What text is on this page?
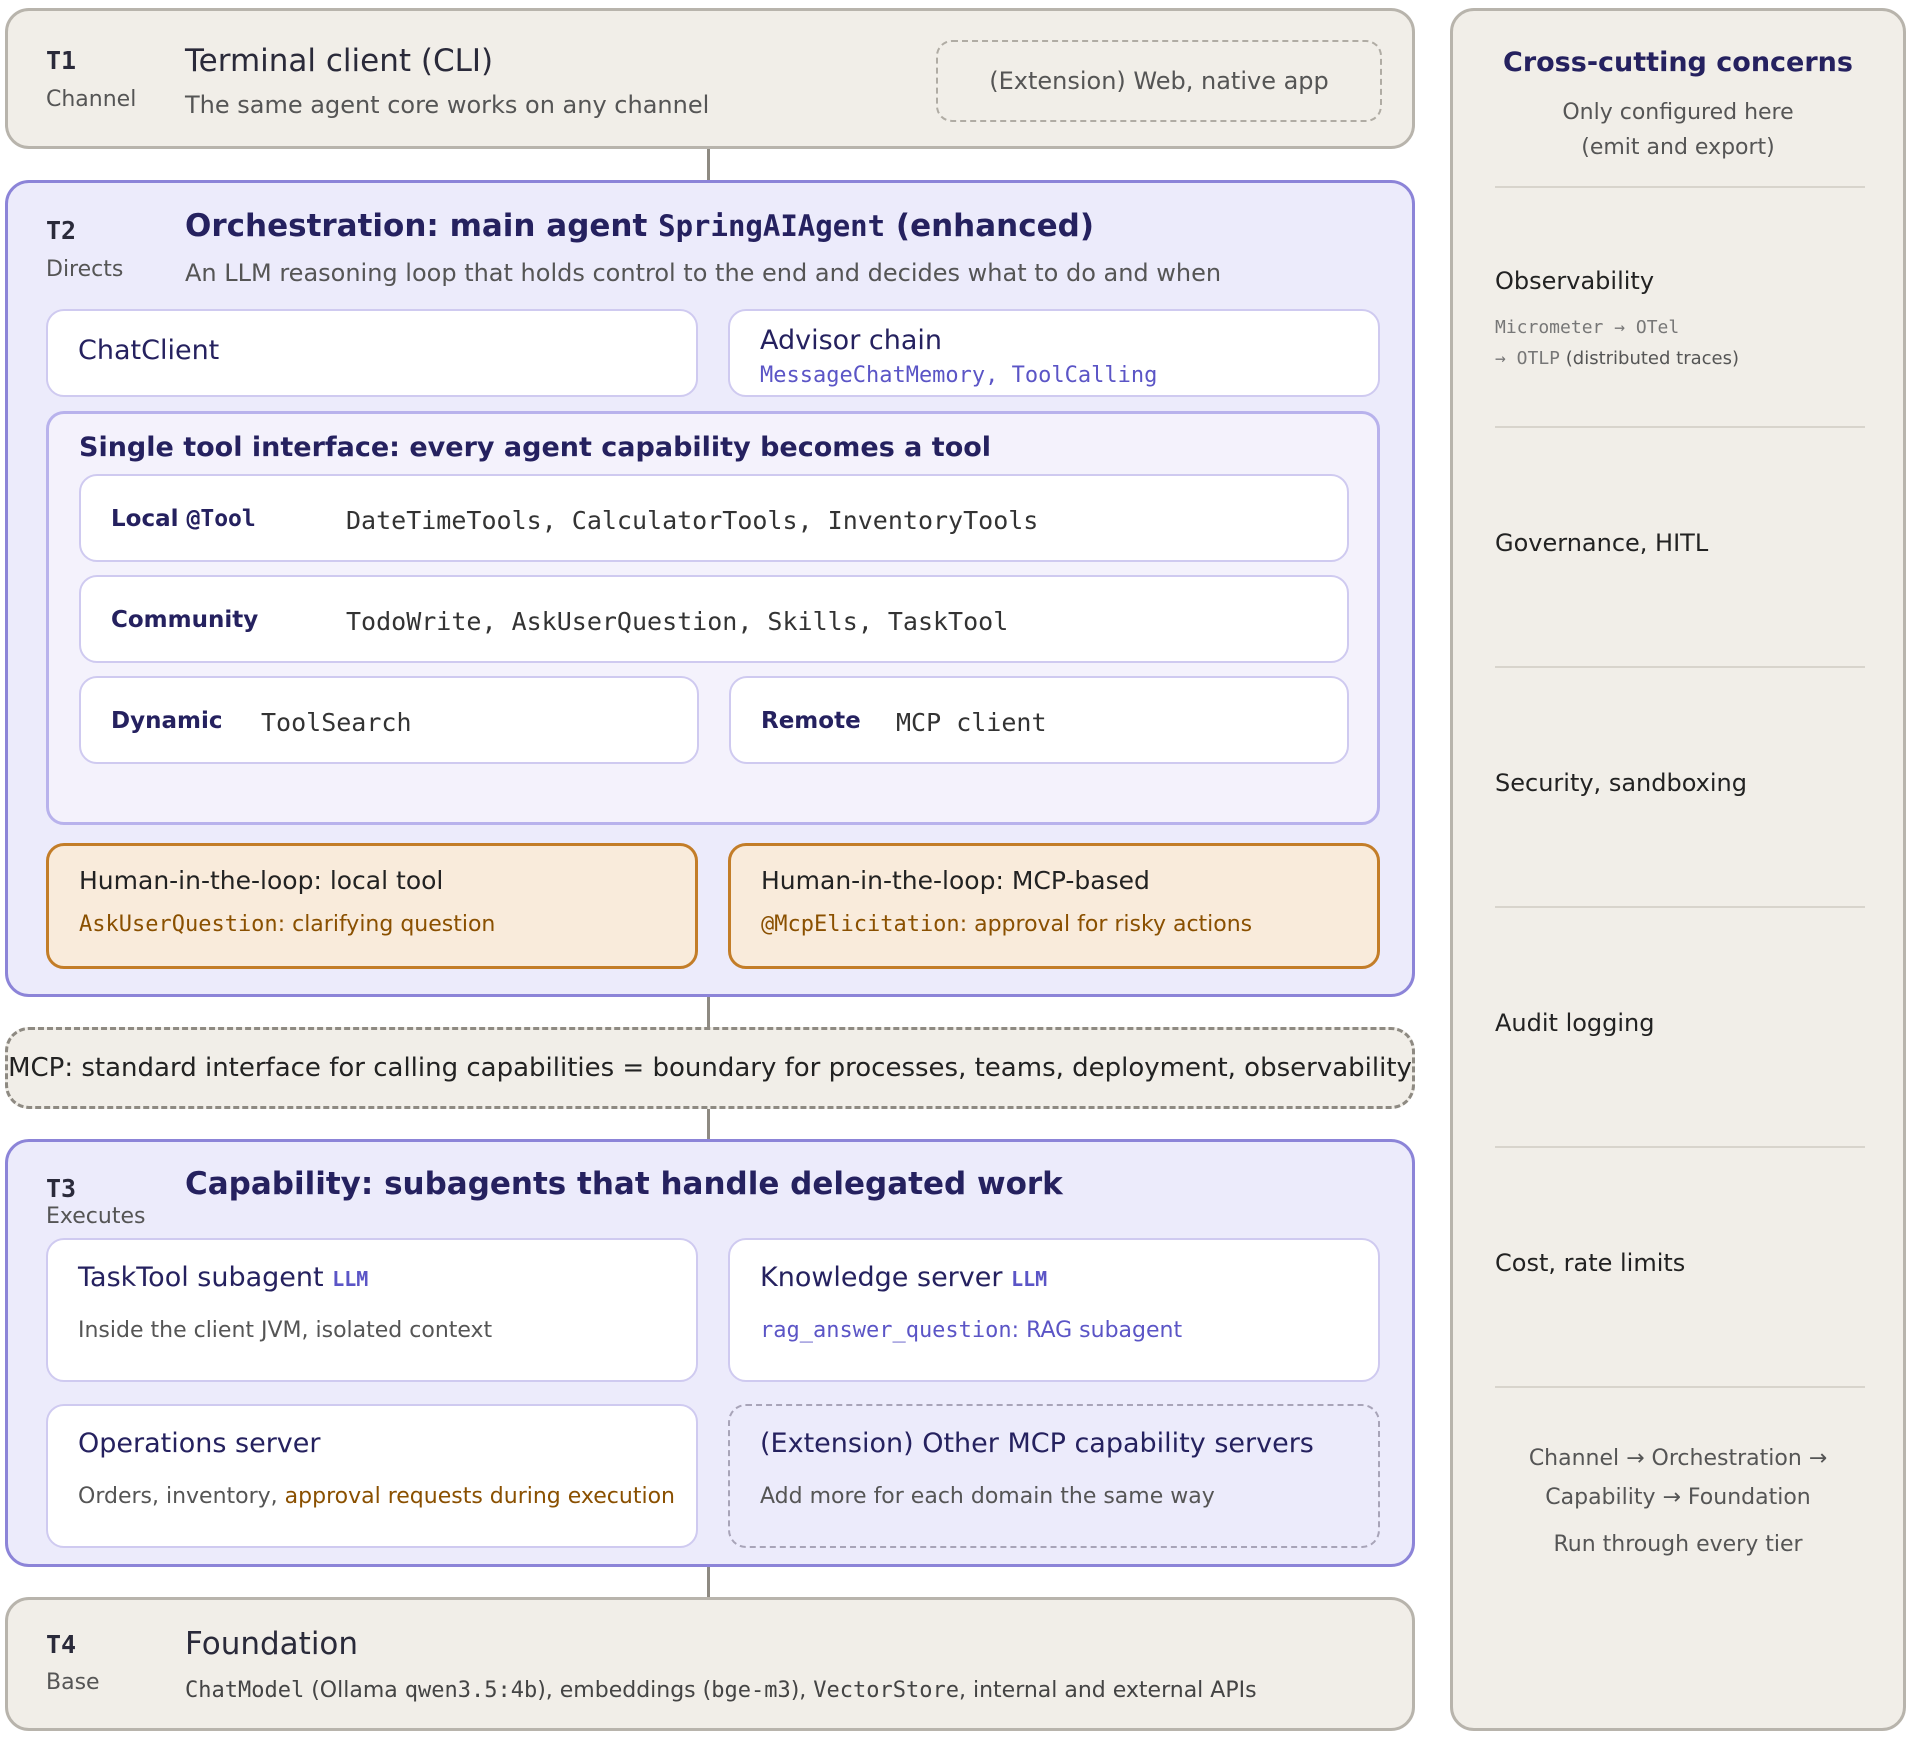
T1
Channel
Terminal client (CLI)
The same agent core works on any channel
(Extension) Web, native app
T2
Directs
Orchestration: main agent SpringAIAgent (enhanced)
An LLM reasoning loop that holds control to the end and decides what to do and when
ChatClient	Advisor chain
MessageChatMemory, ToolCalling
Single tool interface: every agent capability becomes a tool
Local @Tool	DateTimeTools, CalculatorTools, InventoryTools
Community	TodoWrite, AskUserQuestion, Skills, TaskTool
Dynamic ToolSearch	Remote MCP client
Human-in-the-loop: local tool
AskUserQuestion: clarifying question
Human-in-the-loop: MCP-based
@McpElicitation: approval for risky actions
MCP: standard interface for calling capabilities = boundary for processes, teams, deployment, observability
T3
Executes
Capability: subagents that handle delegated work
TaskTool subagent LLM
Inside the client JVM, isolated context
Knowledge server LLM
rag_answer_question: RAG subagent
Operations server
Orders, inventory, approval requests during execution
(Extension) Other MCP capability servers
Add more for each domain the same way
T4
Base
Foundation
ChatModel (Ollama qwen3.5:4b), embeddings (bge-m3), VectorStore, internal and external APIs
Cross-cutting concerns
Only configured here
(emit and export)
Observability
Micrometer → OTel
→ OTLP (distributed traces)
Governance, HITL
Security, sandboxing
Audit logging
Cost, rate limits
Channel → Orchestration →
Capability → Foundation
Run through every tier
